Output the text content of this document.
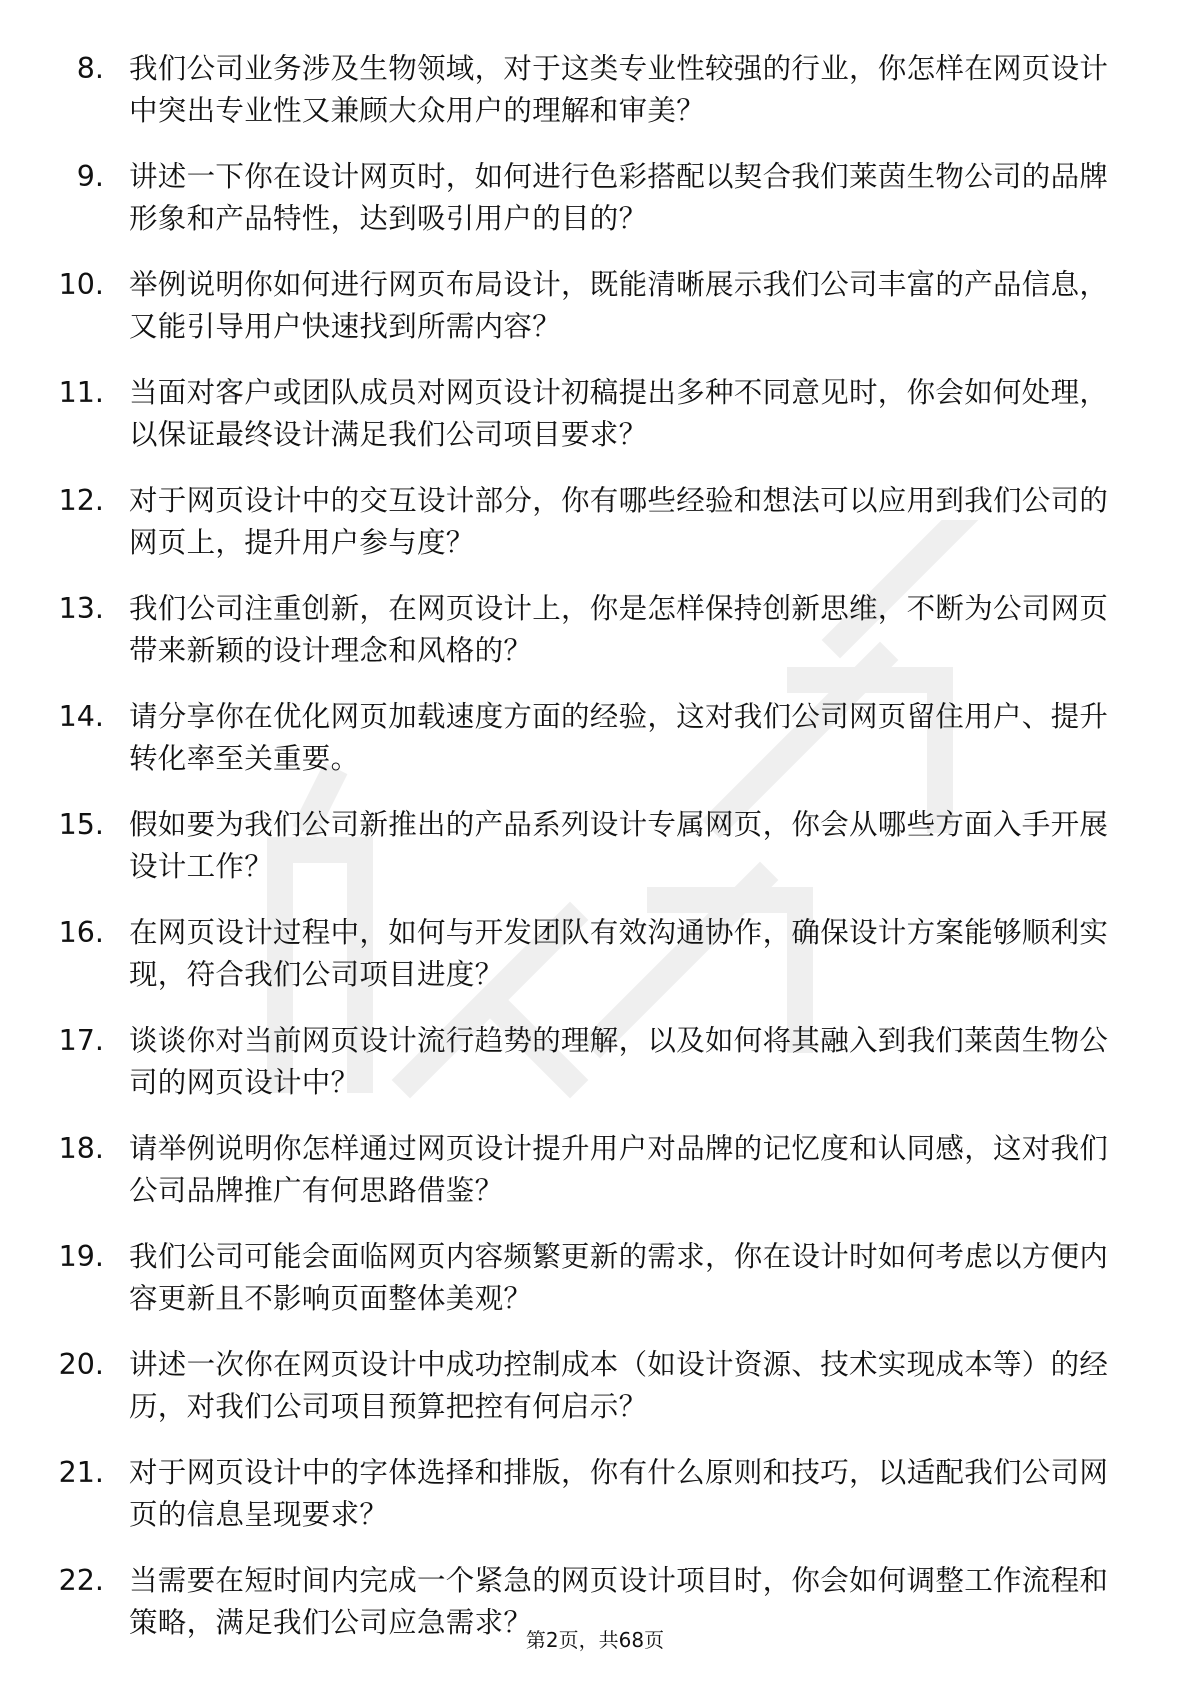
8. 我们公司业务涉及生物领域，对于这类专业性较强的行业，你怎样在网页设计中突出专业性又兼顾大众用户的理解和审美？
9. 讲述一下你在设计网页时，如何进行色彩搭配以契合我们莱茵生物公司的品牌形象和产品特性，达到吸引用户的目的？
10. 举例说明你如何进行网页布局设计，既能清晰展示我们公司丰富的产品信息，又能引导用户快速找到所需内容？
11. 当面对客户或团队成员对网页设计初稿提出多种不同意见时，你会如何处理，以保证最终设计满足我们公司项目要求？
12. 对于网页设计中的交互设计部分，你有哪些经验和想法可以应用到我们公司的网页上，提升用户参与度？
13. 我们公司注重创新，在网页设计上，你是怎样保持创新思维，不断为公司网页带来新颖的设计理念和风格的？
14. 请分享你在优化网页加载速度方面的经验，这对我们公司网页留住用户、提升转化率至关重要。
15. 假如要为我们公司新推出的产品系列设计专属网页，你会从哪些方面入手开展设计工作？
16. 在网页设计过程中，如何与开发团队有效沟通协作，确保设计方案能够顺利实现，符合我们公司项目进度？
17. 谈谈你对当前网页设计流行趋势的理解，以及如何将其融入到我们莱茵生物公司的网页设计中？
18. 请举例说明你怎样通过网页设计提升用户对品牌的记忆度和认同感，这对我们公司品牌推广有何思路借鉴？
19. 我们公司可能会面临网页内容频繁更新的需求，你在设计时如何考虑以方便内容更新且不影响页面整体美观？
20. 讲述一次你在网页设计中成功控制成本（如设计资源、技术实现成本等）的经历，对我们公司项目预算把控有何启示？
21. 对于网页设计中的字体选择和排版，你有什么原则和技巧，以适配我们公司网页的信息呈现要求？
22. 当需要在短时间内完成一个紧急的网页设计项目时，你会如何调整工作流程和策略，满足我们公司应急需求？
第2页，共68页
